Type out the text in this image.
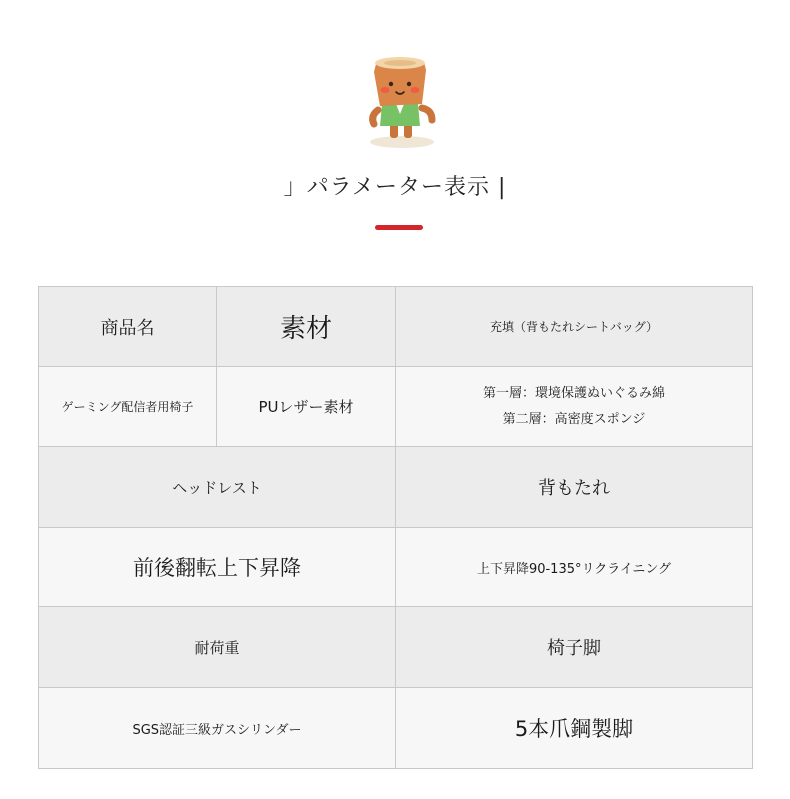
」パラメーター表示 |
商品名	素材	充填（背もたれシートバッグ）
ゲーミング配信者用椅子	PUレザー素材	第一層：環境保護ぬいぐるみ綿
第二層：高密度スポンジ

ヘッドレスト		背もたれ
前後翻転上下昇降		上下昇降90-135°リクライニング
耐荷重		椅子脚
SGS認証三級ガスシリンダー		5本爪鋼製脚
